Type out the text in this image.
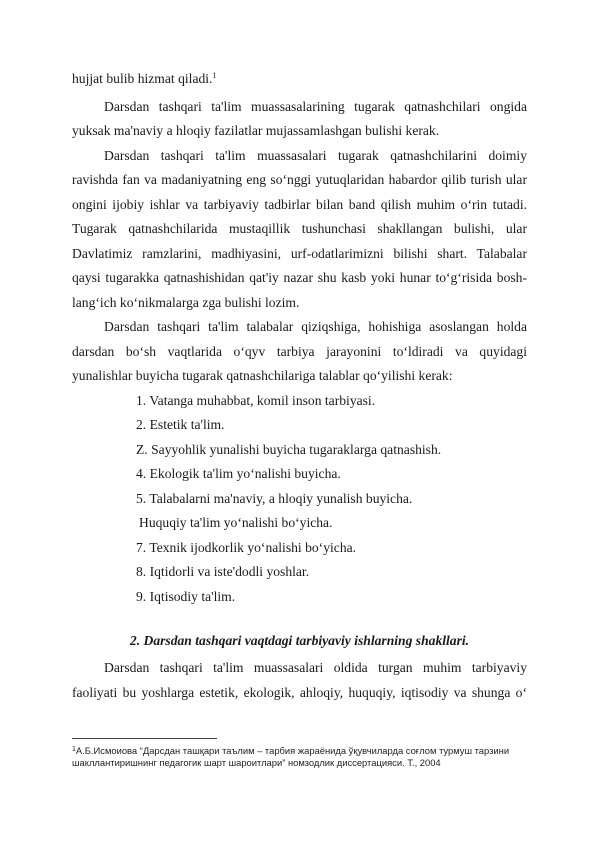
hujjat bulib hizmat qiladi.$^1$
Darsdan tashqari ta'lim muassasalarining tugarak qatnashchilari ongida
yuksak ma'naviy a hloqiy fazilatlar mujassamlashgan bulishi kerak.
Darsdan tashqari ta'lim muassasalari tugarak qatnashchilarini doimiy
ravishda fan va madaniyatning eng so‘nggi yutuqlaridan habardor qilib turish ular
ongini ijobiy ishlar va tarbiyaviy tadbirlar bilan band qilish muhim o‘rin tutadi.
Tugarak qatnashchilarida mustaqillik tushunchasi shakllangan bulishi, ular
Davlatimiz ramzlarini, madhiyasini, urf-odatlarimizni bilishi shart. Talabalar
qaysi tugarakka qatnashishidan qat'iy nazar shu kasb yoki hunar to‘g‘risida bosh-
lang‘ich ko‘nikmalarga zga bulishi lozim.
Darsdan tashqari ta'lim talabalar qiziqshiga, hohishiga asoslangan holda
darsdan bo‘sh vaqtlarida o‘qyv tarbiya jarayonini to‘ldiradi va quyidagi
yunalishlar buyicha tugarak qatnashchilariga talablar qo‘yilishi kerak:
1. Vatanga muhabbat, komil inson tarbiyasi.
2. Estetik ta'lim.
Z. Sayyohlik yunalishi buyicha tugaraklarga qatnashish.
4. Ekologik ta'lim yo‘nalishi buyicha.
5. Talabalarni ma'naviy, a hloqiy yunalish buyicha.
Huquqiy ta'lim yo‘nalishi bo‘yicha.
7. Texnik ijodkorlik yo‘nalishi bo‘yicha.
8. Iqtidorli va iste'dodli yoshlar.
9. Iqtisodiy ta'lim.
2. Darsdan tashqari vaqtdagi tarbiyaviy ishlarning shakllari.
Darsdan tashqari ta'lim muassasalari oldida turgan muhim tarbiyaviy
faoliyati bu yoshlarga estetik, ekologik, ahloqiy, huquqiy, iqtisodiy va shunga o‘
$^1$А.Б.Исмоиова “Дарсдан ташқари таълим – тарбия жараёнида ўқувчиларда соғлом турмуш тарзини
шакллантиришнинг педагогик шарт шароитлари” номзодлик диссертацияси. Т., 2004
